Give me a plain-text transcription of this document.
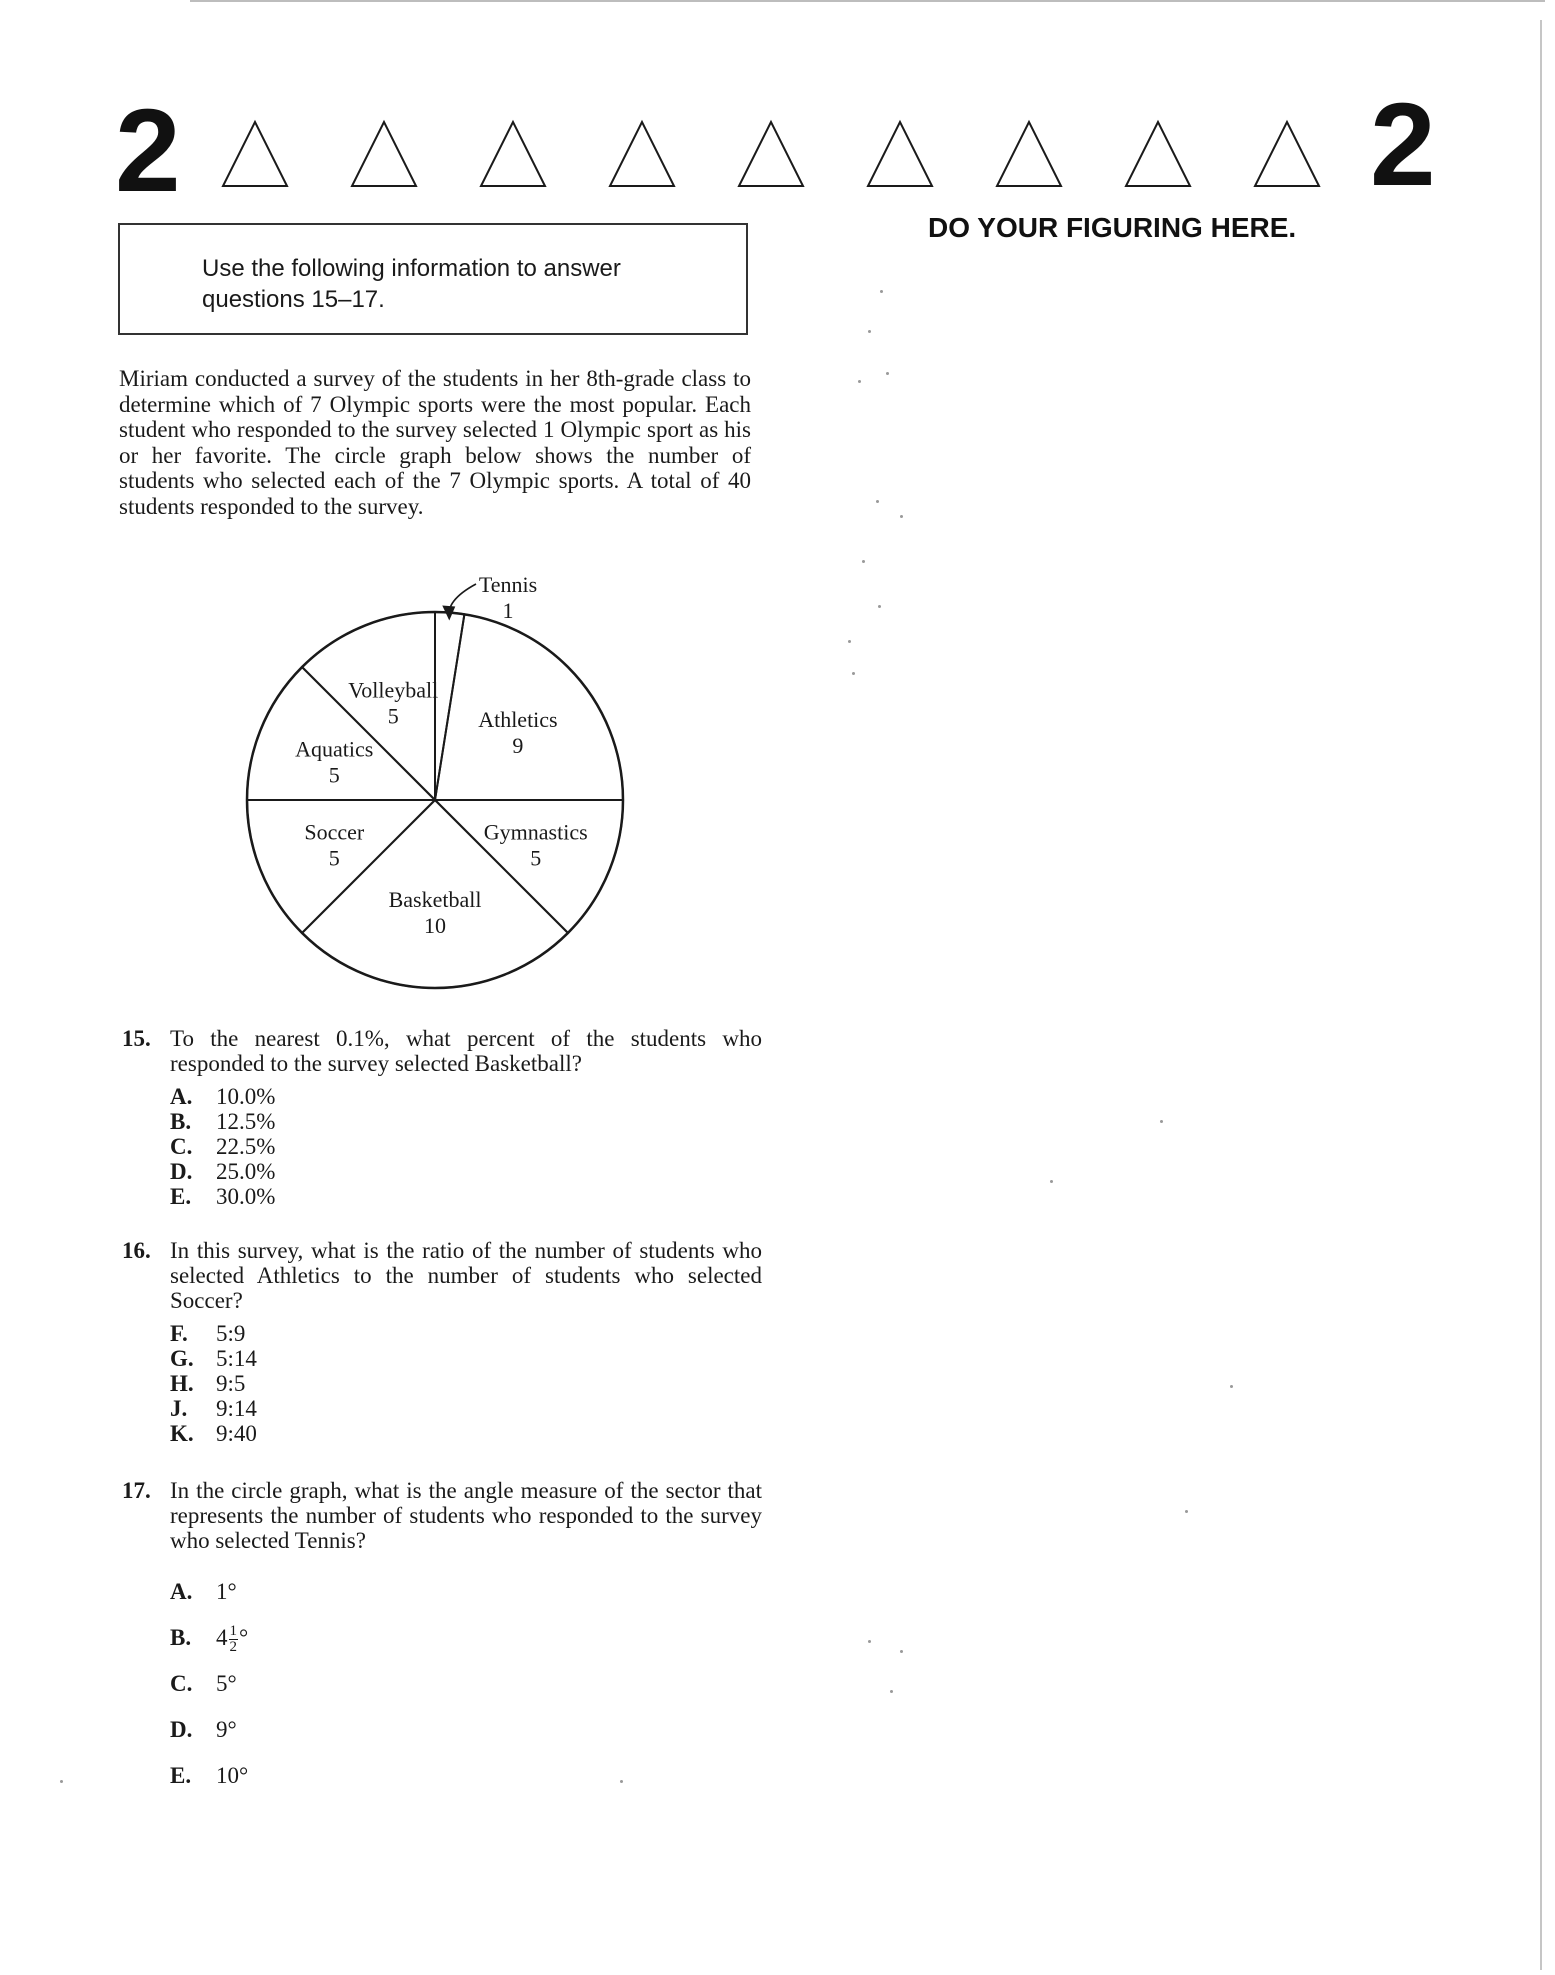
2	2
DO YOUR FIGURING HERE.
Use the following information to answer questions 15–17.
Miriam conducted a survey of the students in her 8th-grade class to determine which of 7 Olympic sports were the most popular. Each student who responded to the survey selected 1 Olympic sport as his or her favorite. The circle graph below shows the number of students who selected each of the 7 Olympic sports. A total of 40 students responded to the survey.
Tennis
1
Athletics
9
Gymnastics
5
Basketball
10
Soccer
5
Aquatics
5
Volleyball
5
15. To the nearest 0.1%, what percent of the students who responded to the survey selected Basketball?
A. 10.0%
B. 12.5%
C. 22.5%
D. 25.0%
E. 30.0%
16. In this survey, what is the ratio of the number of students who selected Athletics to the number of students who selected Soccer?
F. 5:9
G. 5:14
H. 9:5
J. 9:14
K. 9:40
17. In the circle graph, what is the angle measure of the sector that represents the number of students who responded to the survey who selected Tennis?
A. 1°
B. $4 \frac{1}{2}$ °
C. 5°
D. 9°
E. 10°
